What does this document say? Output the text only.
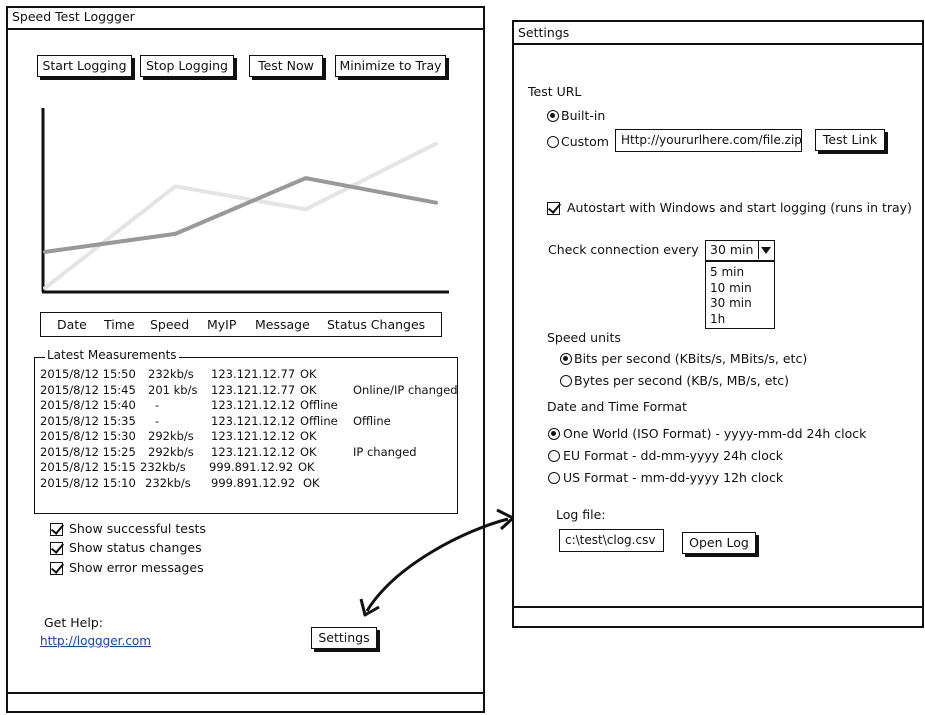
Speed Test Loggger
Start Logging	Stop Logging	Test Now	Minimize to Tray
Date Time Speed MyIP Message Status Changes
Latest Measurements
2015/8/12 15:50 232kb/s 123.121.12.77 OK
2015/8/12 15:45 201 kb/s 123.121.12.77 OK	Online/IP changed
2015/8/12 15:40 -	123.121.12.12 Offline
2015/8/12 15:35 -	123.121.12.12 Offline Offline
2015/8/12 15:30 292kb/s 123.121.12.12 OK
2015/8/12 15:25 292kb/s 123.121.12.12 OK	IP changed
2015/8/12 15:15 232kb/s 999.891.12.92 OK
2015/8/12 15:10 232kb/s 999.891.12.92 OK
Show successful tests
Show status changes
Show error messages
Get Help:
http://loggger.com	Settings
Settings
Test URL
Built-in
Custom	Http://yoururlhere.com/file.zip	Test Link
Autostart with Windows and start logging (runs in tray)
Check connection every 30 min
5 min
10 min
30 min
1h
Speed units
Bits per second (KBits/s, MBits/s, etc)
Bytes per second (KB/s, MB/s, etc)
Date and Time Format
One World (ISO Format) - yyyy-mm-dd 24h clock
EU Format - dd-mm-yyyy 24h clock
US Format - mm-dd-yyyy 12h clock
Log file:
c:\test\clog.csv	Open Log
